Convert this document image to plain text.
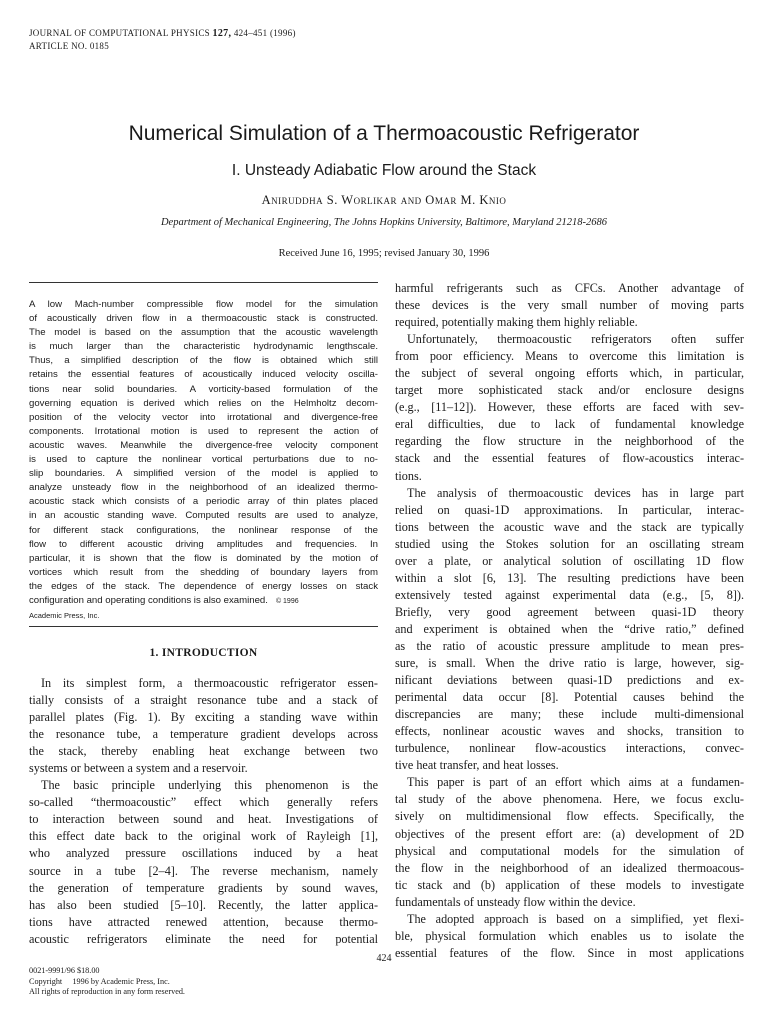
JOURNAL OF COMPUTATIONAL PHYSICS 127, 424–451 (1996)
ARTICLE NO. 0185
Numerical Simulation of a Thermoacoustic Refrigerator
I. Unsteady Adiabatic Flow around the Stack
Aniruddha S. Worlikar and Omar M. Knio
Department of Mechanical Engineering, The Johns Hopkins University, Baltimore, Maryland 21218-2686
Received June 16, 1995; revised January 30, 1996
A low Mach-number compressible flow model for the simulation
of acoustically driven flow in a thermoacoustic stack is constructed.
The model is based on the assumption that the acoustic wavelength
is much larger than the characteristic hydrodynamic lengthscale.
Thus, a simplified description of the flow is obtained which still
retains the essential features of acoustically induced velocity oscilla-
tions near solid boundaries. A vorticity-based formulation of the
governing equation is derived which relies on the Helmholtz decom-
position of the velocity vector into irrotational and divergence-free
components. Irrotational motion is used to represent the action of
acoustic waves. Meanwhile the divergence-free velocity component
is used to capture the nonlinear vortical perturbations due to no-
slip boundaries. A simplified version of the model is applied to
analyze unsteady flow in the neighborhood of an idealized thermo-
acoustic stack which consists of a periodic array of thin plates placed
in an acoustic standing wave. Computed results are used to analyze,
for different stack configurations, the nonlinear response of the
flow to different acoustic driving amplitudes and frequencies. In
particular, it is shown that the flow is dominated by the motion of
vortices which result from the shedding of boundary layers from
the edges of the stack. The dependence of energy losses on stack
configuration and operating conditions is also examined. © 1996
Academic Press, Inc.
1. INTRODUCTION
In its simplest form, a thermoacoustic refrigerator essen-
tially consists of a straight resonance tube and a stack of
parallel plates (Fig. 1). By exciting a standing wave within
the resonance tube, a temperature gradient develops across
the stack, thereby enabling heat exchange between two
systems or between a system and a reservoir.
The basic principle underlying this phenomenon is the
so-called “thermoacoustic” effect which generally refers
to interaction between sound and heat. Investigations of
this effect date back to the original work of Rayleigh [1],
who analyzed pressure oscillations induced by a heat
source in a tube [2–4]. The reverse mechanism, namely
the generation of temperature gradients by sound waves,
has also been studied [5–10]. Recently, the latter applica-
tions have attracted renewed attention, because thermo-
acoustic refrigerators eliminate the need for potential
harmful refrigerants such as CFCs. Another advantage of
these devices is the very small number of moving parts
required, potentially making them highly reliable.
Unfortunately, thermoacoustic refrigerators often suffer
from poor efficiency. Means to overcome this limitation is
the subject of several ongoing efforts which, in particular,
target more sophisticated stack and/or enclosure designs
(e.g., [11–12]). However, these efforts are faced with sev-
eral difficulties, due to lack of fundamental knowledge
regarding the flow structure in the neighborhood of the
stack and the essential features of flow-acoustics interac-
tions.
The analysis of thermoacoustic devices has in large part
relied on quasi-1D approximations. In particular, interac-
tions between the acoustic wave and the stack are typically
studied using the Stokes solution for an oscillating stream
over a plate, or analytical solution of oscillating 1D flow
within a slot [6, 13]. The resulting predictions have been
extensively tested against experimental data (e.g., [5, 8]).
Briefly, very good agreement between quasi-1D theory
and experiment is obtained when the “drive ratio,” defined
as the ratio of acoustic pressure amplitude to mean pres-
sure, is small. When the drive ratio is large, however, sig-
nificant deviations between quasi-1D predictions and ex-
perimental data occur [8]. Potential causes behind the
discrepancies are many; these include multi-dimensional
effects, nonlinear acoustic waves and shocks, transition to
turbulence, nonlinear flow-acoustics interactions, convec-
tive heat transfer, and heat losses.
This paper is part of an effort which aims at a fundamen-
tal study of the above phenomena. Here, we focus exclu-
sively on multidimensional flow effects. Specifically, the
objectives of the present effort are: (a) development of 2D
physical and computational models for the simulation of
the flow in the neighborhood of an idealized thermoacous-
tic stack and (b) application of these models to investigate
fundamentals of unsteady flow within the device.
The adopted approach is based on a simplified, yet flexi-
ble, physical formulation which enables us to isolate the
essential features of the flow. Since in most applications
424
0021-9991/96 $18.00
Copyright     1996 by Academic Press, Inc.
All rights of reproduction in any form reserved.
